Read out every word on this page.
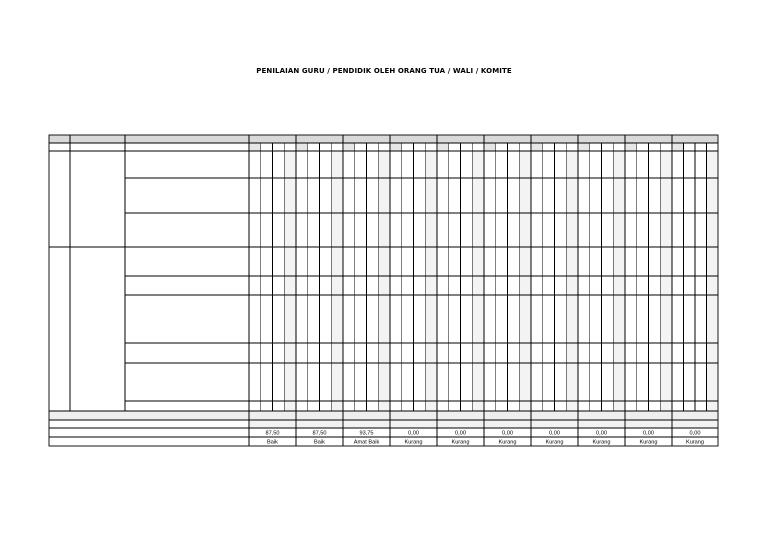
PENILAIAN GURU / PENDIDIK OLEH ORANG TUA / WALI / KOMITE
87,50
Baik
87,50
Baik
93,75
Amat Baik
0,00
Kurang
0,00
Kurang
0,00
Kurang
0,00
Kurang
0,00
Kurang
0,00
Kurang
0,00
Kurang
